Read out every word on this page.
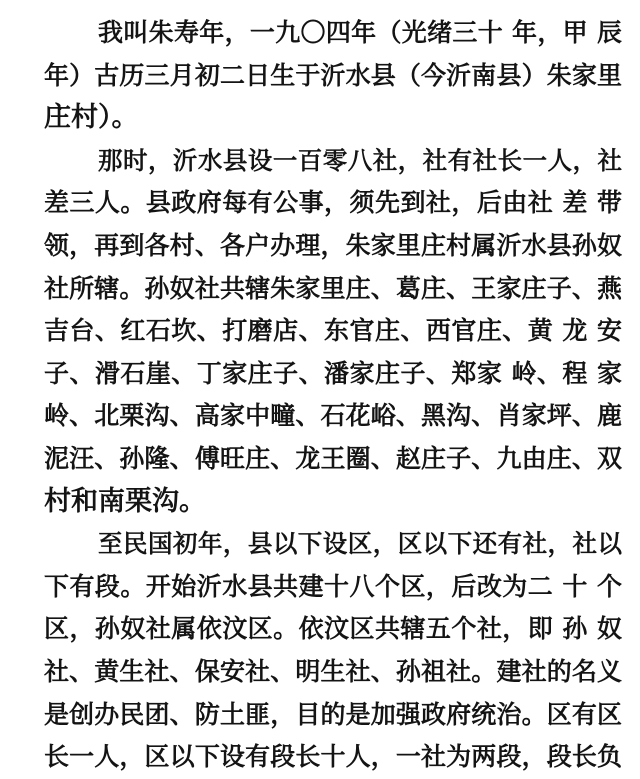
我叫朱寿年，一九〇四年（光绪三十 年，甲 辰
年）古历三月初二日生于沂水县（今沂南县）朱家里
庄村）。
那时，沂水县设一百零八社，社有社长一人，社
差三人。县政府每有公事，须先到社，后由社 差 带
领，再到各村、各户办理，朱家里庄村属沂水县孙奴
社所辖。孙奴社共辖朱家里庄、葛庄、王家庄子、燕
吉台、红石坎、打磨店、东官庄、西官庄、黄 龙 安
子、滑石崖、丁家庄子、潘家庄子、郑家 岭、程 家
岭、北栗沟、高家中疃、石花峪、黑沟、肖家坪、鹿
泥汪、孙隆、傅旺庄、龙王圈、赵庄子、九由庄、双
村和南栗沟。
至民国初年，县以下设区，区以下还有社，社以
下有段。开始沂水县共建十八个区，后改为二 十 个
区，孙奴社属依汶区。依汶区共辖五个社，即 孙 奴
社、黄生社、保安社、明生社、孙祖社。建社的名义
是创办民团、防土匪，目的是加强政府统治。区有区
长一人，区以下设有段长十人，一社为两段，段长负
